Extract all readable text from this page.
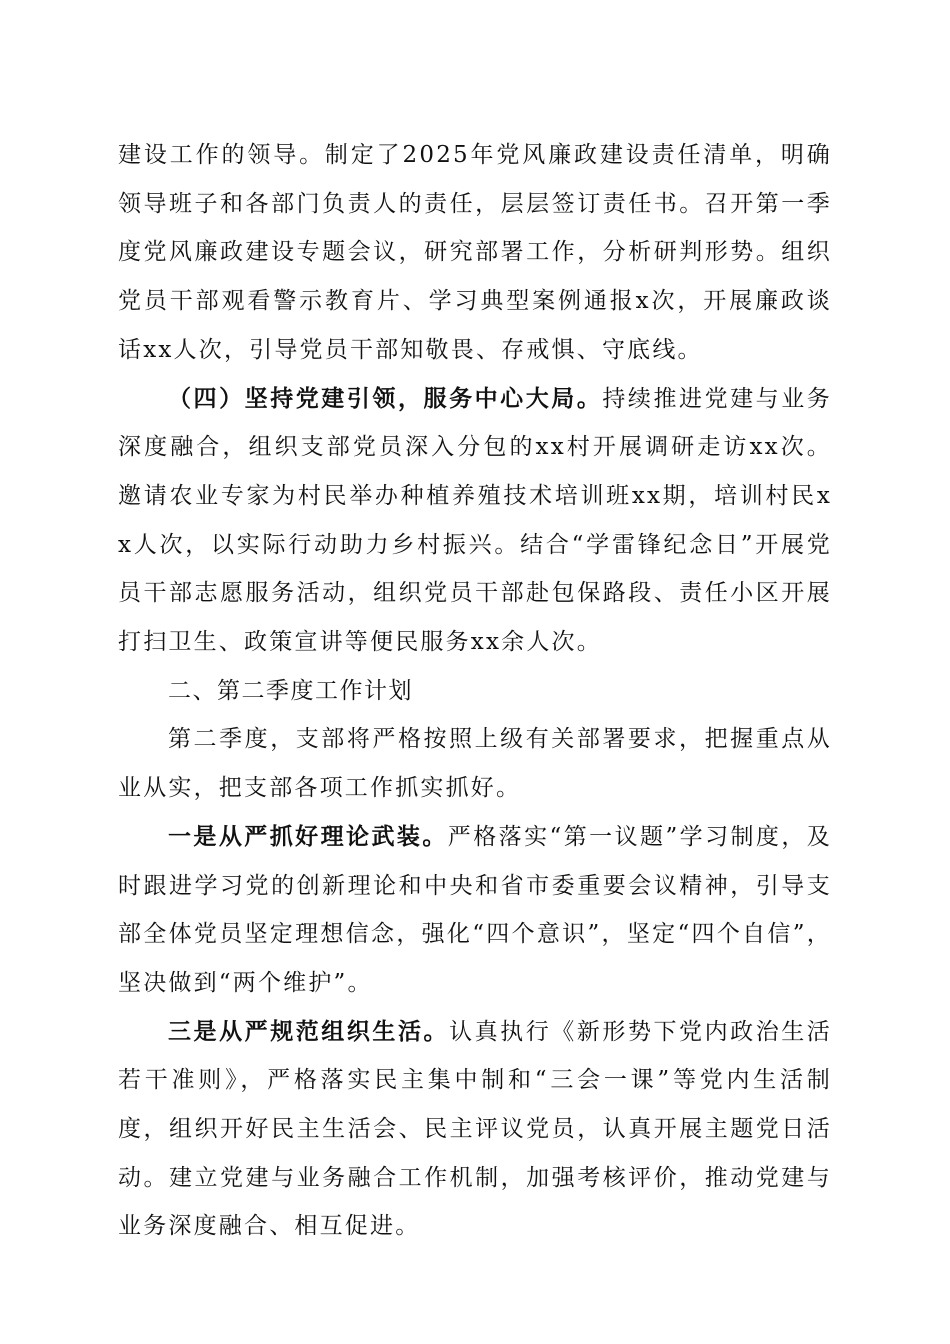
建设工作的领导。制定了2025年党风廉政建设责任清单，明确领导班子和各部门负责人的责任，层层签订责任书。召开第一季度党风廉政建设专题会议，研究部署工作，分析研判形势。组织党员干部观看警示教育片、学习典型案例通报x次，开展廉政谈话xx人次，引导党员干部知敬畏、存戒惧、守底线。

（四）坚持党建引领，服务中心大局。持续推进党建与业务深度融合，组织支部党员深入分包的xx村开展调研走访xx次。邀请农业专家为村民举办种植养殖技术培训班xx期，培训村民xx人次，以实际行动助力乡村振兴。结合“学雷锋纪念日”开展党员干部志愿服务活动，组织党员干部赴包保路段、责任小区开展打扫卫生、政策宣讲等便民服务xx余人次。

二、第二季度工作计划

第二季度，支部将严格按照上级有关部署要求，把握重点从业从实，把支部各项工作抓实抓好。

一是从严抓好理论武装。严格落实“第一议题”学习制度，及时跟进学习党的创新理论和中央和省市委重要会议精神，引导支部全体党员坚定理想信念，强化“四个意识”，坚定“四个自信”，坚决做到“两个维护”。

三是从严规范组织生活。认真执行《新形势下党内政治生活若干准则》，严格落实民主集中制和“三会一课”等党内生活制度，组织开好民主生活会、民主评议党员，认真开展主题党日活动。建立党建与业务融合工作机制，加强考核评价，推动党建与业务深度融合、相互促进。
